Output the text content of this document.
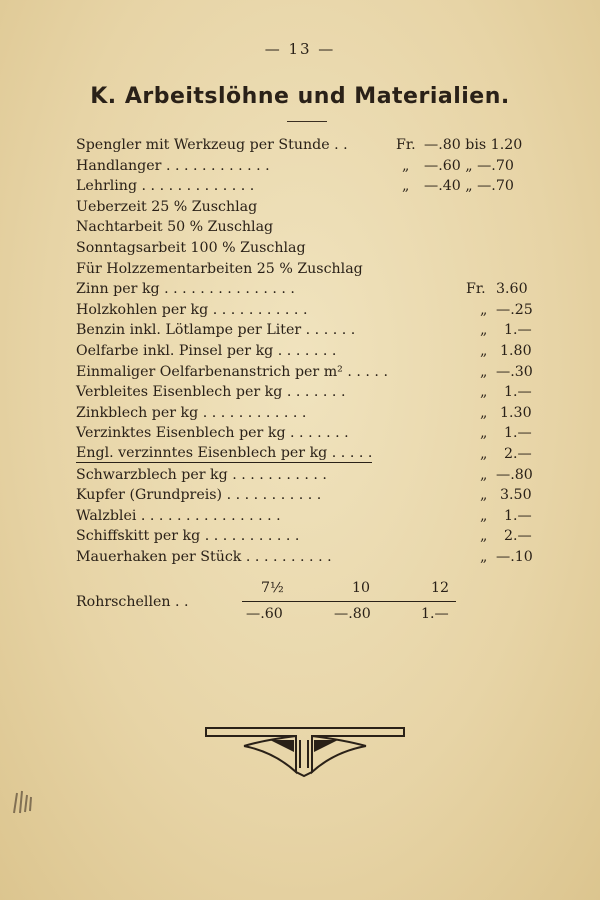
— 13 —
K. Arbeitslöhne und Materialien.
Spengler mit Werkzeug per Stunde . .	Fr. —.80 bis 1.20
Handlanger . . . . . . . . . . . .	„ —.60 „ —.70
Lehrling . . . . . . . . . . . . .	„ —.40 „ —.70
Ueberzeit 25 % Zuschlag
Nachtarbeit 50 % Zuschlag
Sonntagsarbeit 100 % Zuschlag
Für Holzzementarbeiten 25 % Zuschlag
Zinn per kg . . . . . . . . . . . . . . .	Fr. 3.60
Holzkohlen per kg . . . . . . . . . . .	„ —.25
Benzin inkl. Lötlampe per Liter . . . . . .	„ 1.—
Oelfarbe inkl. Pinsel per kg . . . . . . .	„ 1.80
Einmaliger Oelfarbenanstrich per m² . . . . .	„ —.30
Verbleites Eisenblech per kg . . . . . . .	„ 1.—
Zinkblech per kg . . . . . . . . . . . .	„ 1.30
Verzinktes Eisenblech per kg . . . . . . .	„ 1.—
Engl. verzinntes Eisenblech per kg . . . . .	„ 2.—
Schwarzblech per kg . . . . . . . . . . .	„ —.80
Kupfer (Grundpreis) . . . . . . . . . . .	„ 3.50
Walzblei . . . . . . . . . . . . . . . .	„ 1.—
Schiffskitt per kg . . . . . . . . . . .	„ 2.—
Mauerhaken per Stück . . . . . . . . . .	„ —.10
Rohrschellen . .
7½	10	12
—.60	—.80	1.—
